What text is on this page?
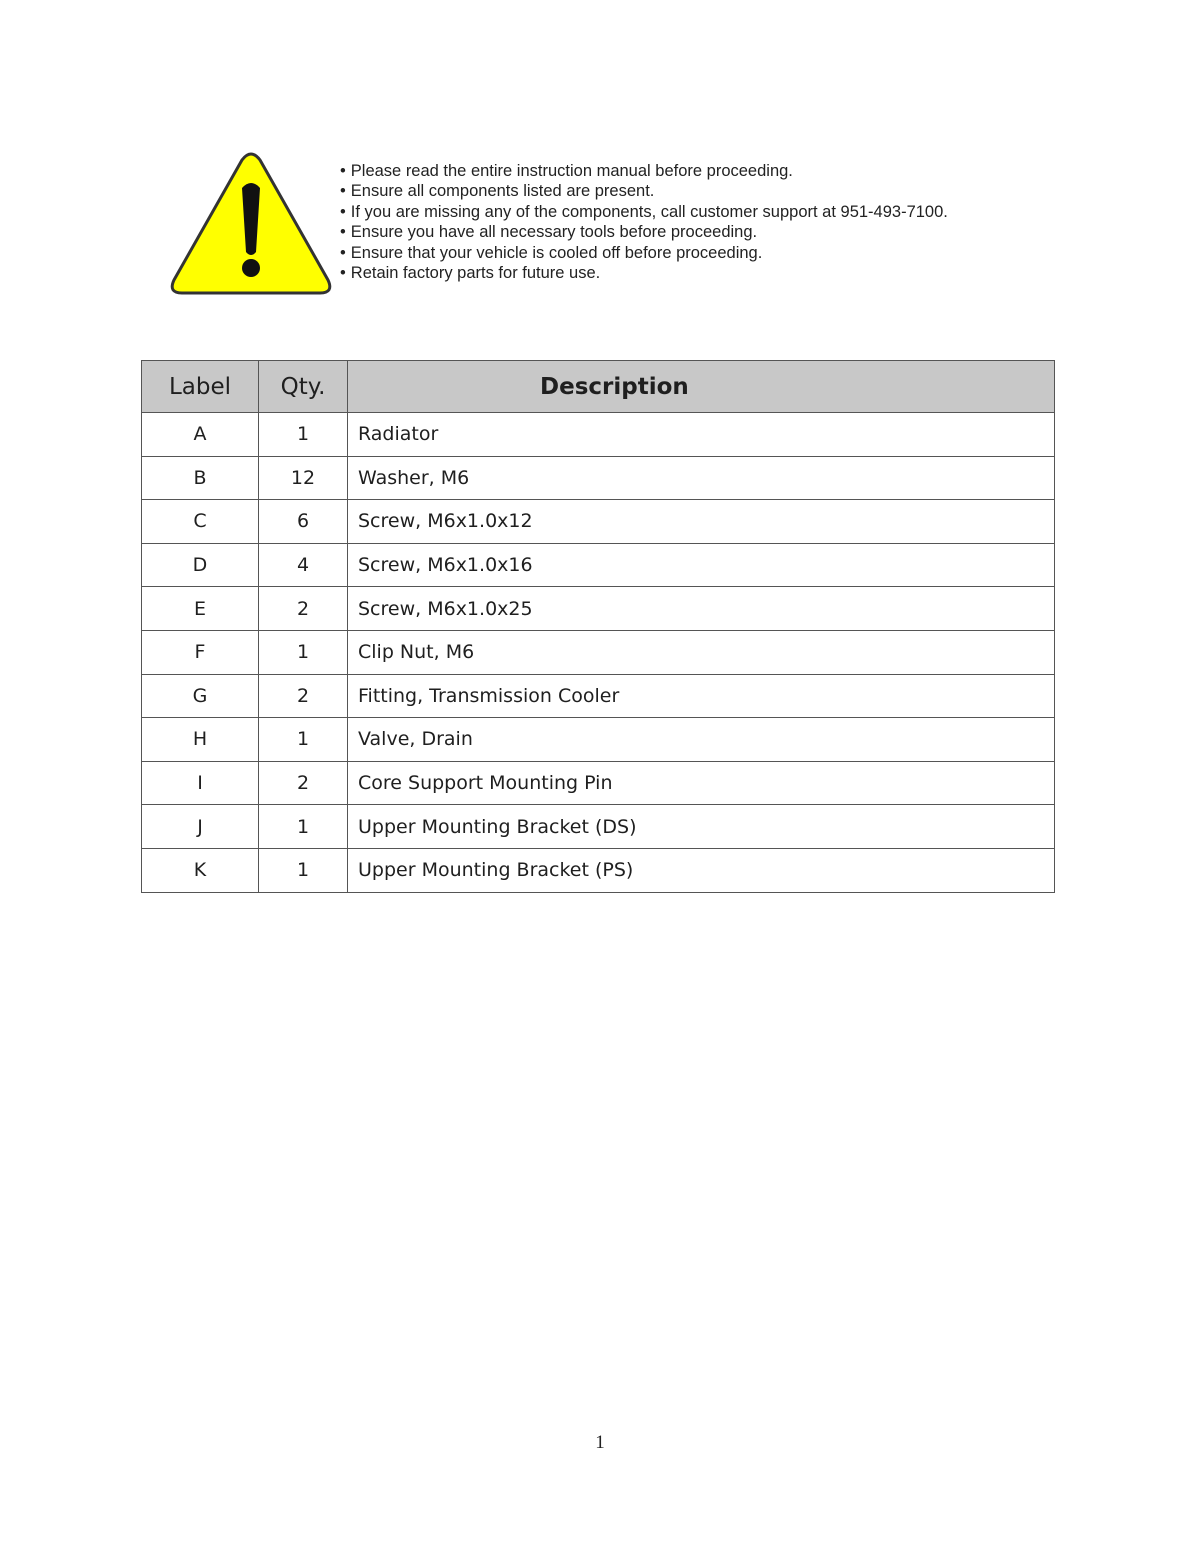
• Please read the entire instruction manual before proceeding.
• Ensure all components listed are present.
• If you are missing any of the components, call customer support at 951-493-7100.
• Ensure you have all necessary tools before proceeding.
• Ensure that your vehicle is cooled off before proceeding.
• Retain factory parts for future use.
Label	Qty.	Description
A	1	Radiator
B	12	Washer, M6
C	6	Screw, M6x1.0x12
D	4	Screw, M6x1.0x16
E	2	Screw, M6x1.0x25
F	1	Clip Nut, M6
G	2	Fitting, Transmission Cooler
H	1	Valve, Drain
I	2	Core Support Mounting Pin
J	1	Upper Mounting Bracket (DS)
K	1	Upper Mounting Bracket (PS)
1
